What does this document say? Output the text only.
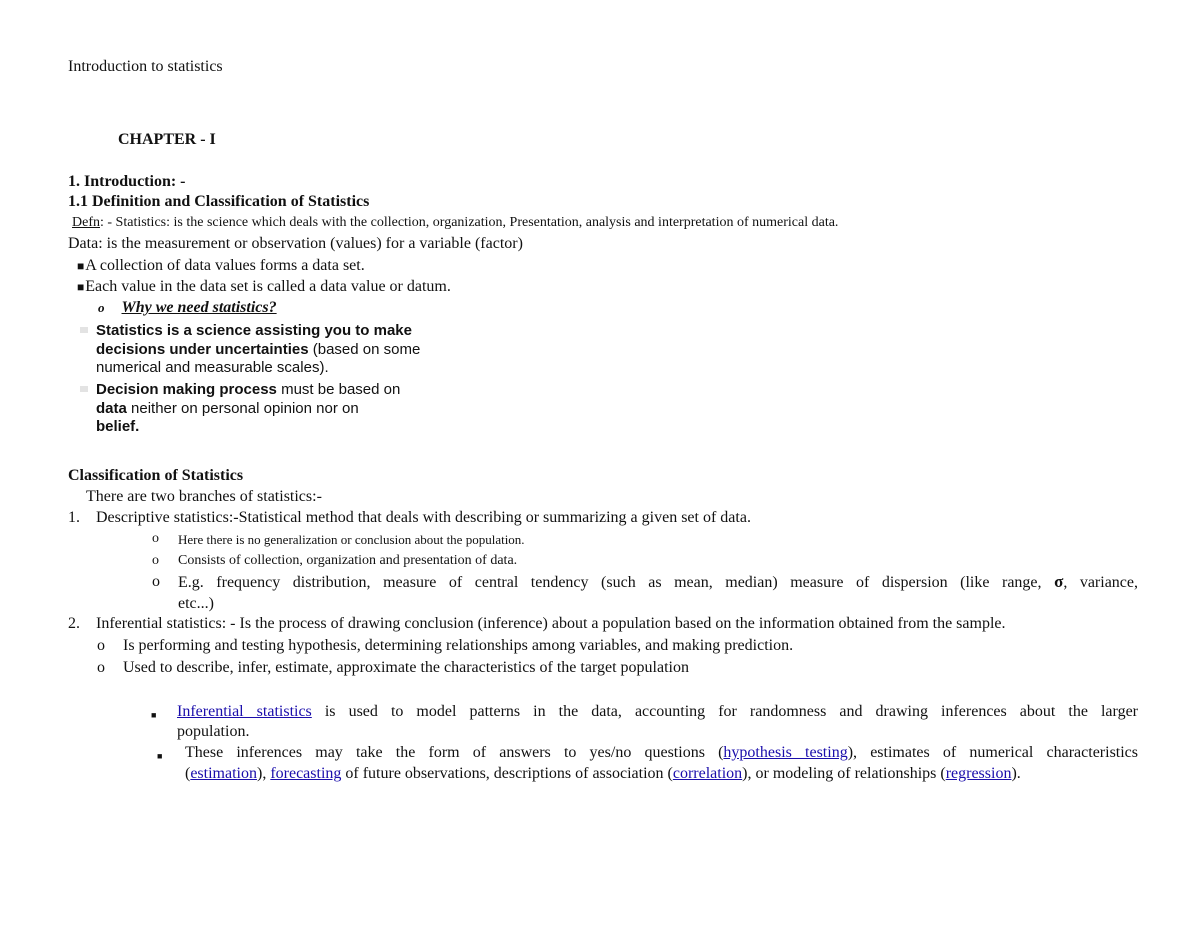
Introduction to statistics
CHAPTER - I
1. Introduction: -
1.1 Definition and Classification of Statistics
Defn: - Statistics: is the science which deals with the collection, organization, Presentation, analysis and interpretation of numerical data.
Data: is the measurement or observation (values) for a variable (factor)
■A collection of data values forms a data set.
■Each value in the data set is called a data value or datum.
o Why we need statistics?
Statistics is a science assisting you to make
decisions under uncertainties (based on some
numerical and measurable scales).
Decision making process must be based on
data neither on personal opinion nor on
belief.
Classification of Statistics
There are two branches of statistics:-
1. Descriptive statistics:-Statistical method that deals with describing or summarizing a given set of data.
o Here there is no generalization or conclusion about the population.
o Consists of collection, organization and presentation of data.
o E.g. frequency distribution, measure of central tendency (such as mean, median) measure of dispersion (like range, σ, variance,
etc...)
2. Inferential statistics: - Is the process of drawing conclusion (inference) about a population based on the information obtained from the sample.
o Is performing and testing hypothesis, determining relationships among variables, and making prediction.
o Used to describe, infer, estimate, approximate the characteristics of the target population
■ Inferential statistics is used to model patterns in the data, accounting for randomness and drawing inferences about the larger
population.
■ These inferences may take the form of answers to yes/no questions (hypothesis testing), estimates of numerical characteristics
(estimation), forecasting of future observations, descriptions of association (correlation), or modeling of relationships (regression).
